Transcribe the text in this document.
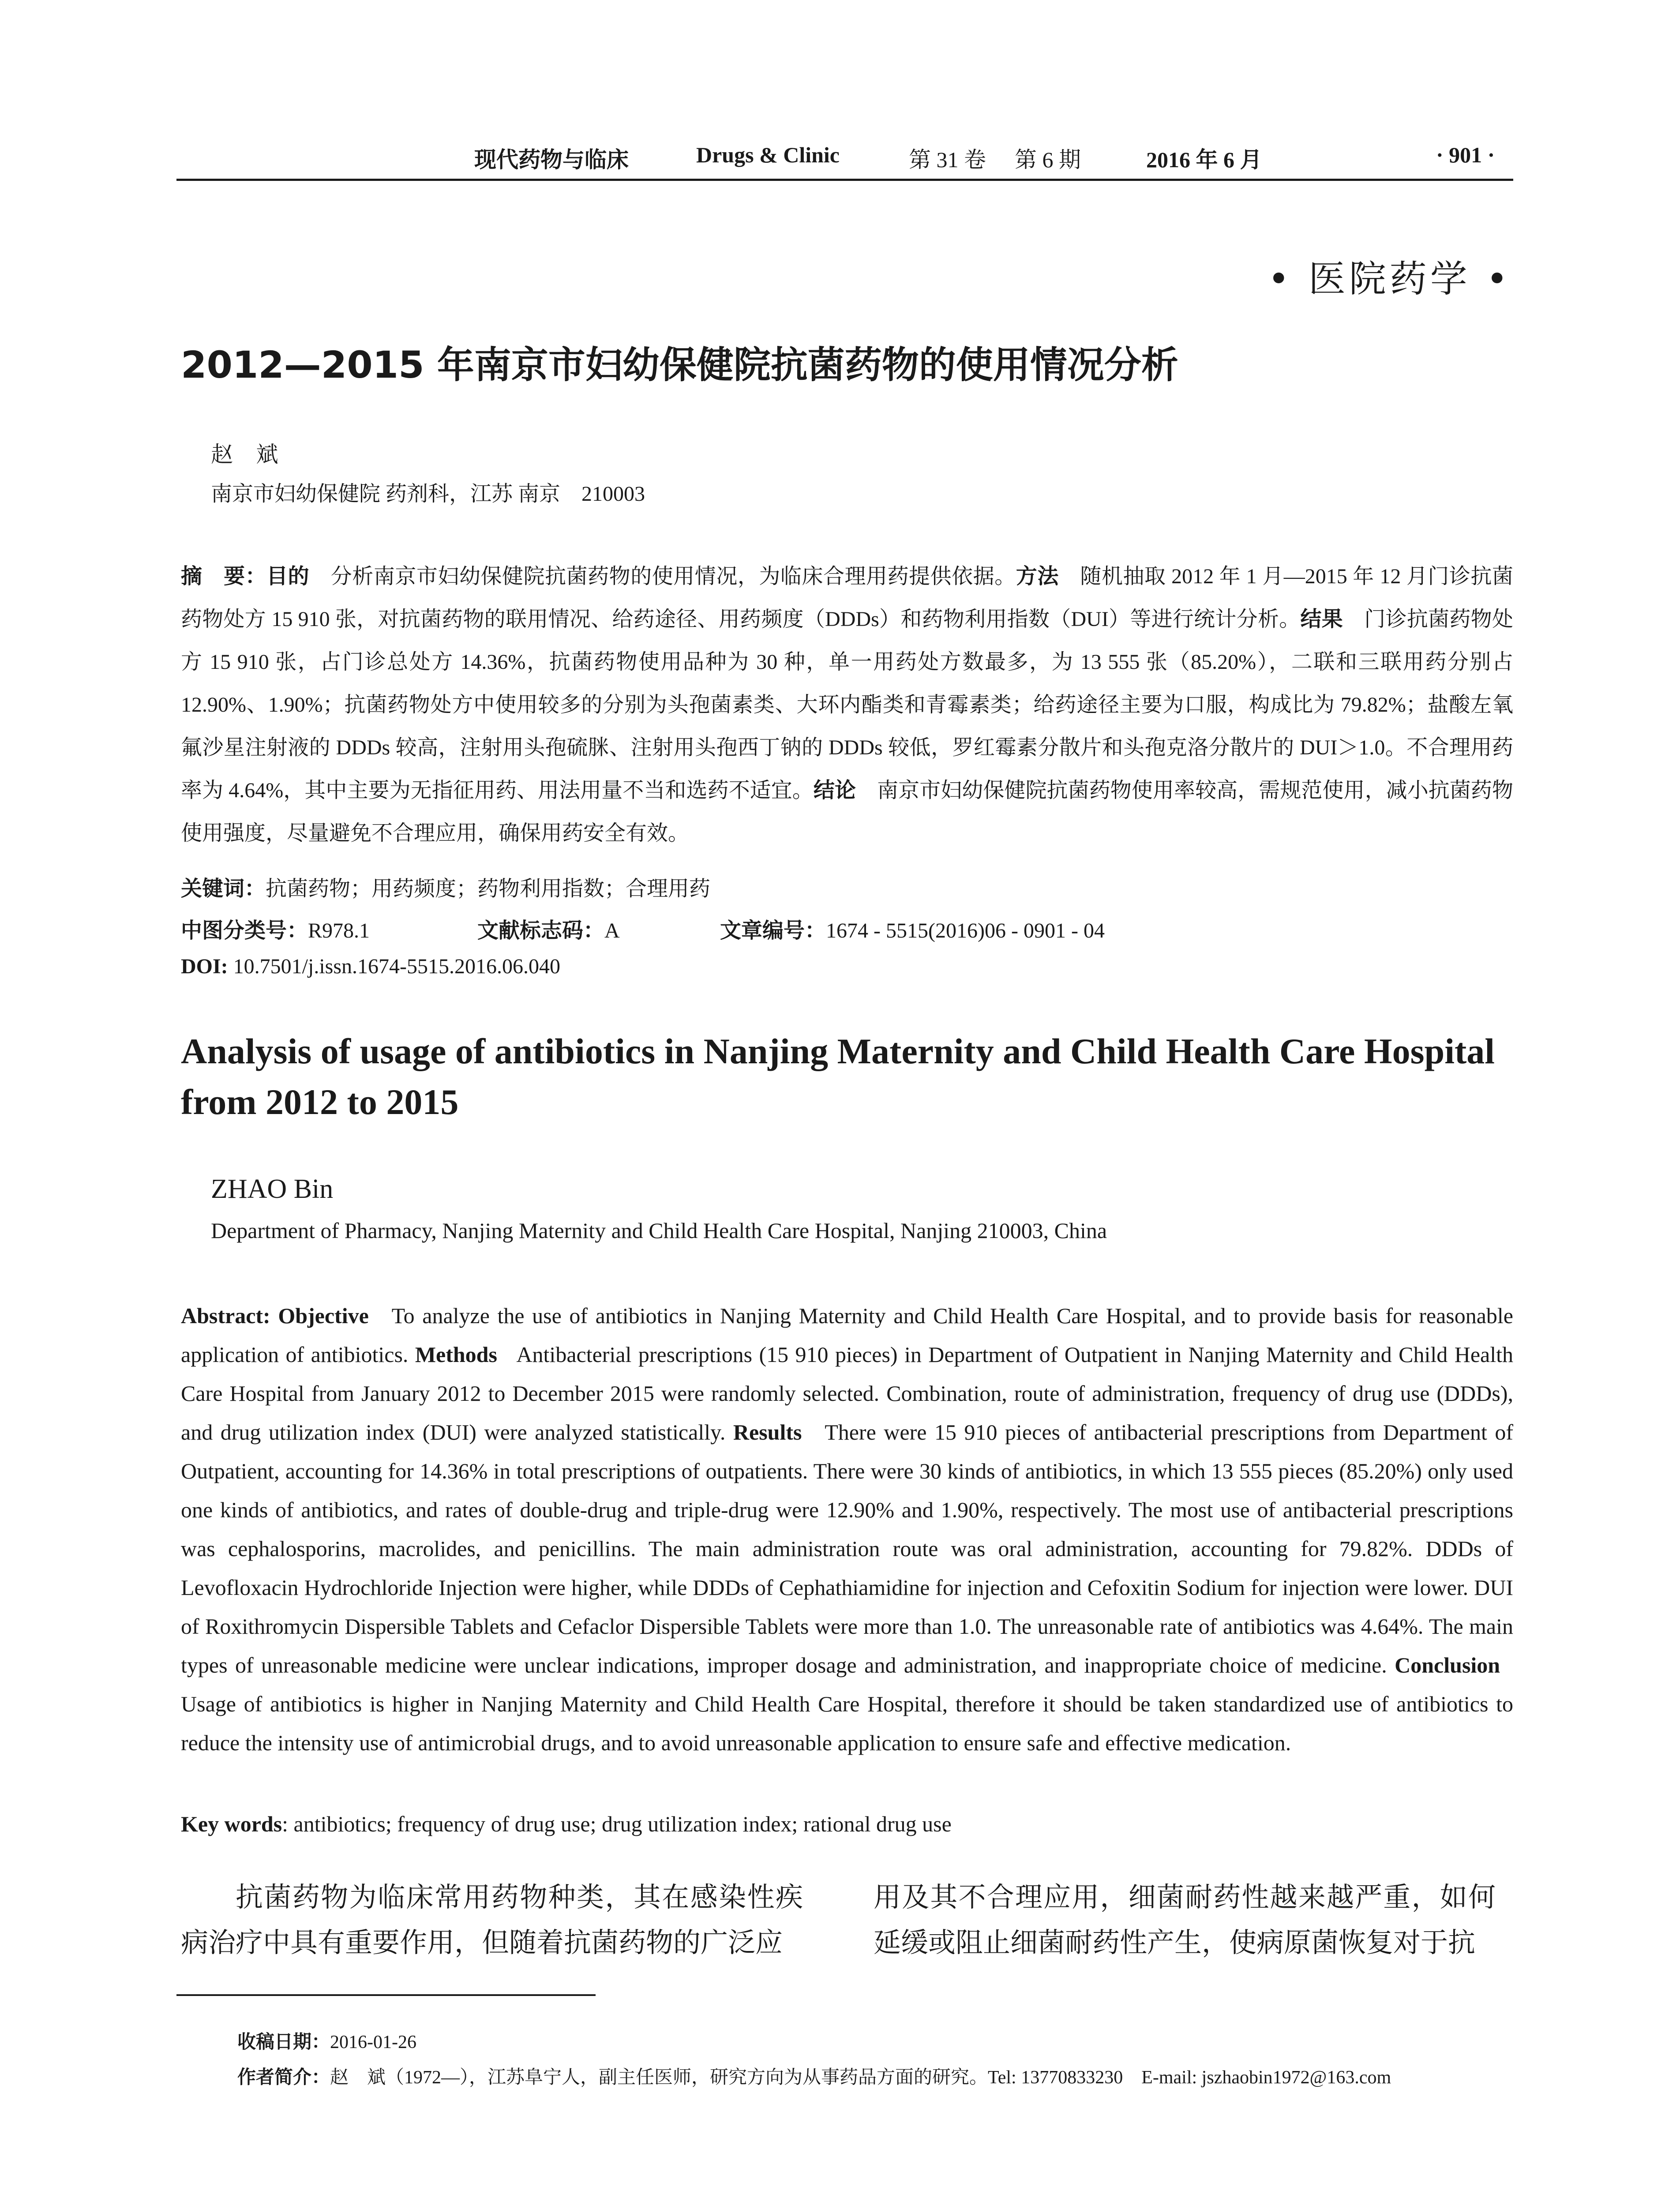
现代药物与临床	Drugs & Clinic	第 31 卷 第 6 期	2016 年 6 月	· 901 ·
• 医院药学 •
2012—2015 年南京市妇幼保健院抗菌药物的使用情况分析
赵 斌
南京市妇幼保健院 药剂科，江苏 南京　210003
摘　要：目的　 分析南京市妇幼保健院抗菌药物的使用情况，为临床合理用药提供依据。方法　 随机抽取 2012 年 1 月—2015 年 12 月门诊抗菌药物处方 15 910 张，对抗菌药物的联用情况、给药途径、用药频度（DDDs）和药物利用指数（DUI）等进行统计分析。结果　 门诊抗菌药物处方 15 910 张，占门诊总处方 14.36%，抗菌药物使用品种为 30 种，单一用药处方数最多，为 13 555 张（85.20%），二联和三联用药分别占 12.90%、1.90%；抗菌药物处方中使用较多的分别为头孢菌素类、大环内酯类和青霉素类；给药途径主要为口服，构成比为 79.82%；盐酸左氧氟沙星注射液的 DDDs 较高，注射用头孢硫脒、注射用头孢西丁钠的 DDDs 较低，罗红霉素分散片和头孢克洛分散片的 DUI＞1.0。不合理用药率为 4.64%，其中主要为无指征用药、用法用量不当和选药不适宜。结论　 南京市妇幼保健院抗菌药物使用率较高，需规范使用，减小抗菌药物使用强度，尽量避免不合理应用，确保用药安全有效。
关键词：抗菌药物；用药频度；药物利用指数；合理用药
中图分类号：R978.1	文献标志码：A	文章编号：1674 - 5515(2016)06 - 0901 - 04
DOI: 10.7501/j.issn.1674-5515.2016.06.040
Analysis of usage of antibiotics in Nanjing Maternity and Child Health Care Hospital from 2012 to 2015
ZHAO Bin
Department of Pharmacy, Nanjing Maternity and Child Health Care Hospital, Nanjing 210003, China
Abstract: Objective To analyze the use of antibiotics in Nanjing Maternity and Child Health Care Hospital, and to provide basis for reasonable application of antibiotics. Methods Antibacterial prescriptions (15 910 pieces) in Department of Outpatient in Nanjing Maternity and Child Health Care Hospital from January 2012 to December 2015 were randomly selected. Combination, route of administration, frequency of drug use (DDDs), and drug utilization index (DUI) were analyzed statistically. Results There were 15 910 pieces of antibacterial prescriptions from Department of Outpatient, accounting for 14.36% in total prescriptions of outpatients. There were 30 kinds of antibiotics, in which 13 555 pieces (85.20%) only used one kinds of antibiotics, and rates of double-drug and triple-drug were 12.90% and 1.90%, respectively. The most use of antibacterial prescriptions was cephalosporins, macrolides, and penicillins. The main administration route was oral administration, accounting for 79.82%. DDDs of Levofloxacin Hydrochloride Injection were higher, while DDDs of Cephathiamidine for injection and Cefoxitin Sodium for injection were lower. DUI of Roxithromycin Dispersible Tablets and Cefaclor Dispersible Tablets were more than 1.0. The unreasonable rate of antibiotics was 4.64%. The main types of unreasonable medicine were unclear indications, improper dosage and administration, and inappropriate choice of medicine. Conclusion   Usage of antibiotics is higher in Nanjing Maternity and Child Health Care Hospital, therefore it should be taken standardized use of antibiotics to reduce the intensity use of antimicrobial drugs, and to avoid unreasonable application to ensure safe and effective medication.
Key words: antibiotics; frequency of drug use; drug utilization index; rational drug use
抗菌药物为临床常用药物种类，其在感染性疾病治疗中具有重要作用，但随着抗菌药物的广泛应
用及其不合理应用，细菌耐药性越来越严重，如何延缓或阻止细菌耐药性产生，使病原菌恢复对于抗
收稿日期：2016-01-26
作者简介：赵　斌（1972—），江苏阜宁人，副主任医师，研究方向为从事药品方面的研究。Tel: 13770833230　E-mail: jszhaobin1972@163.com
